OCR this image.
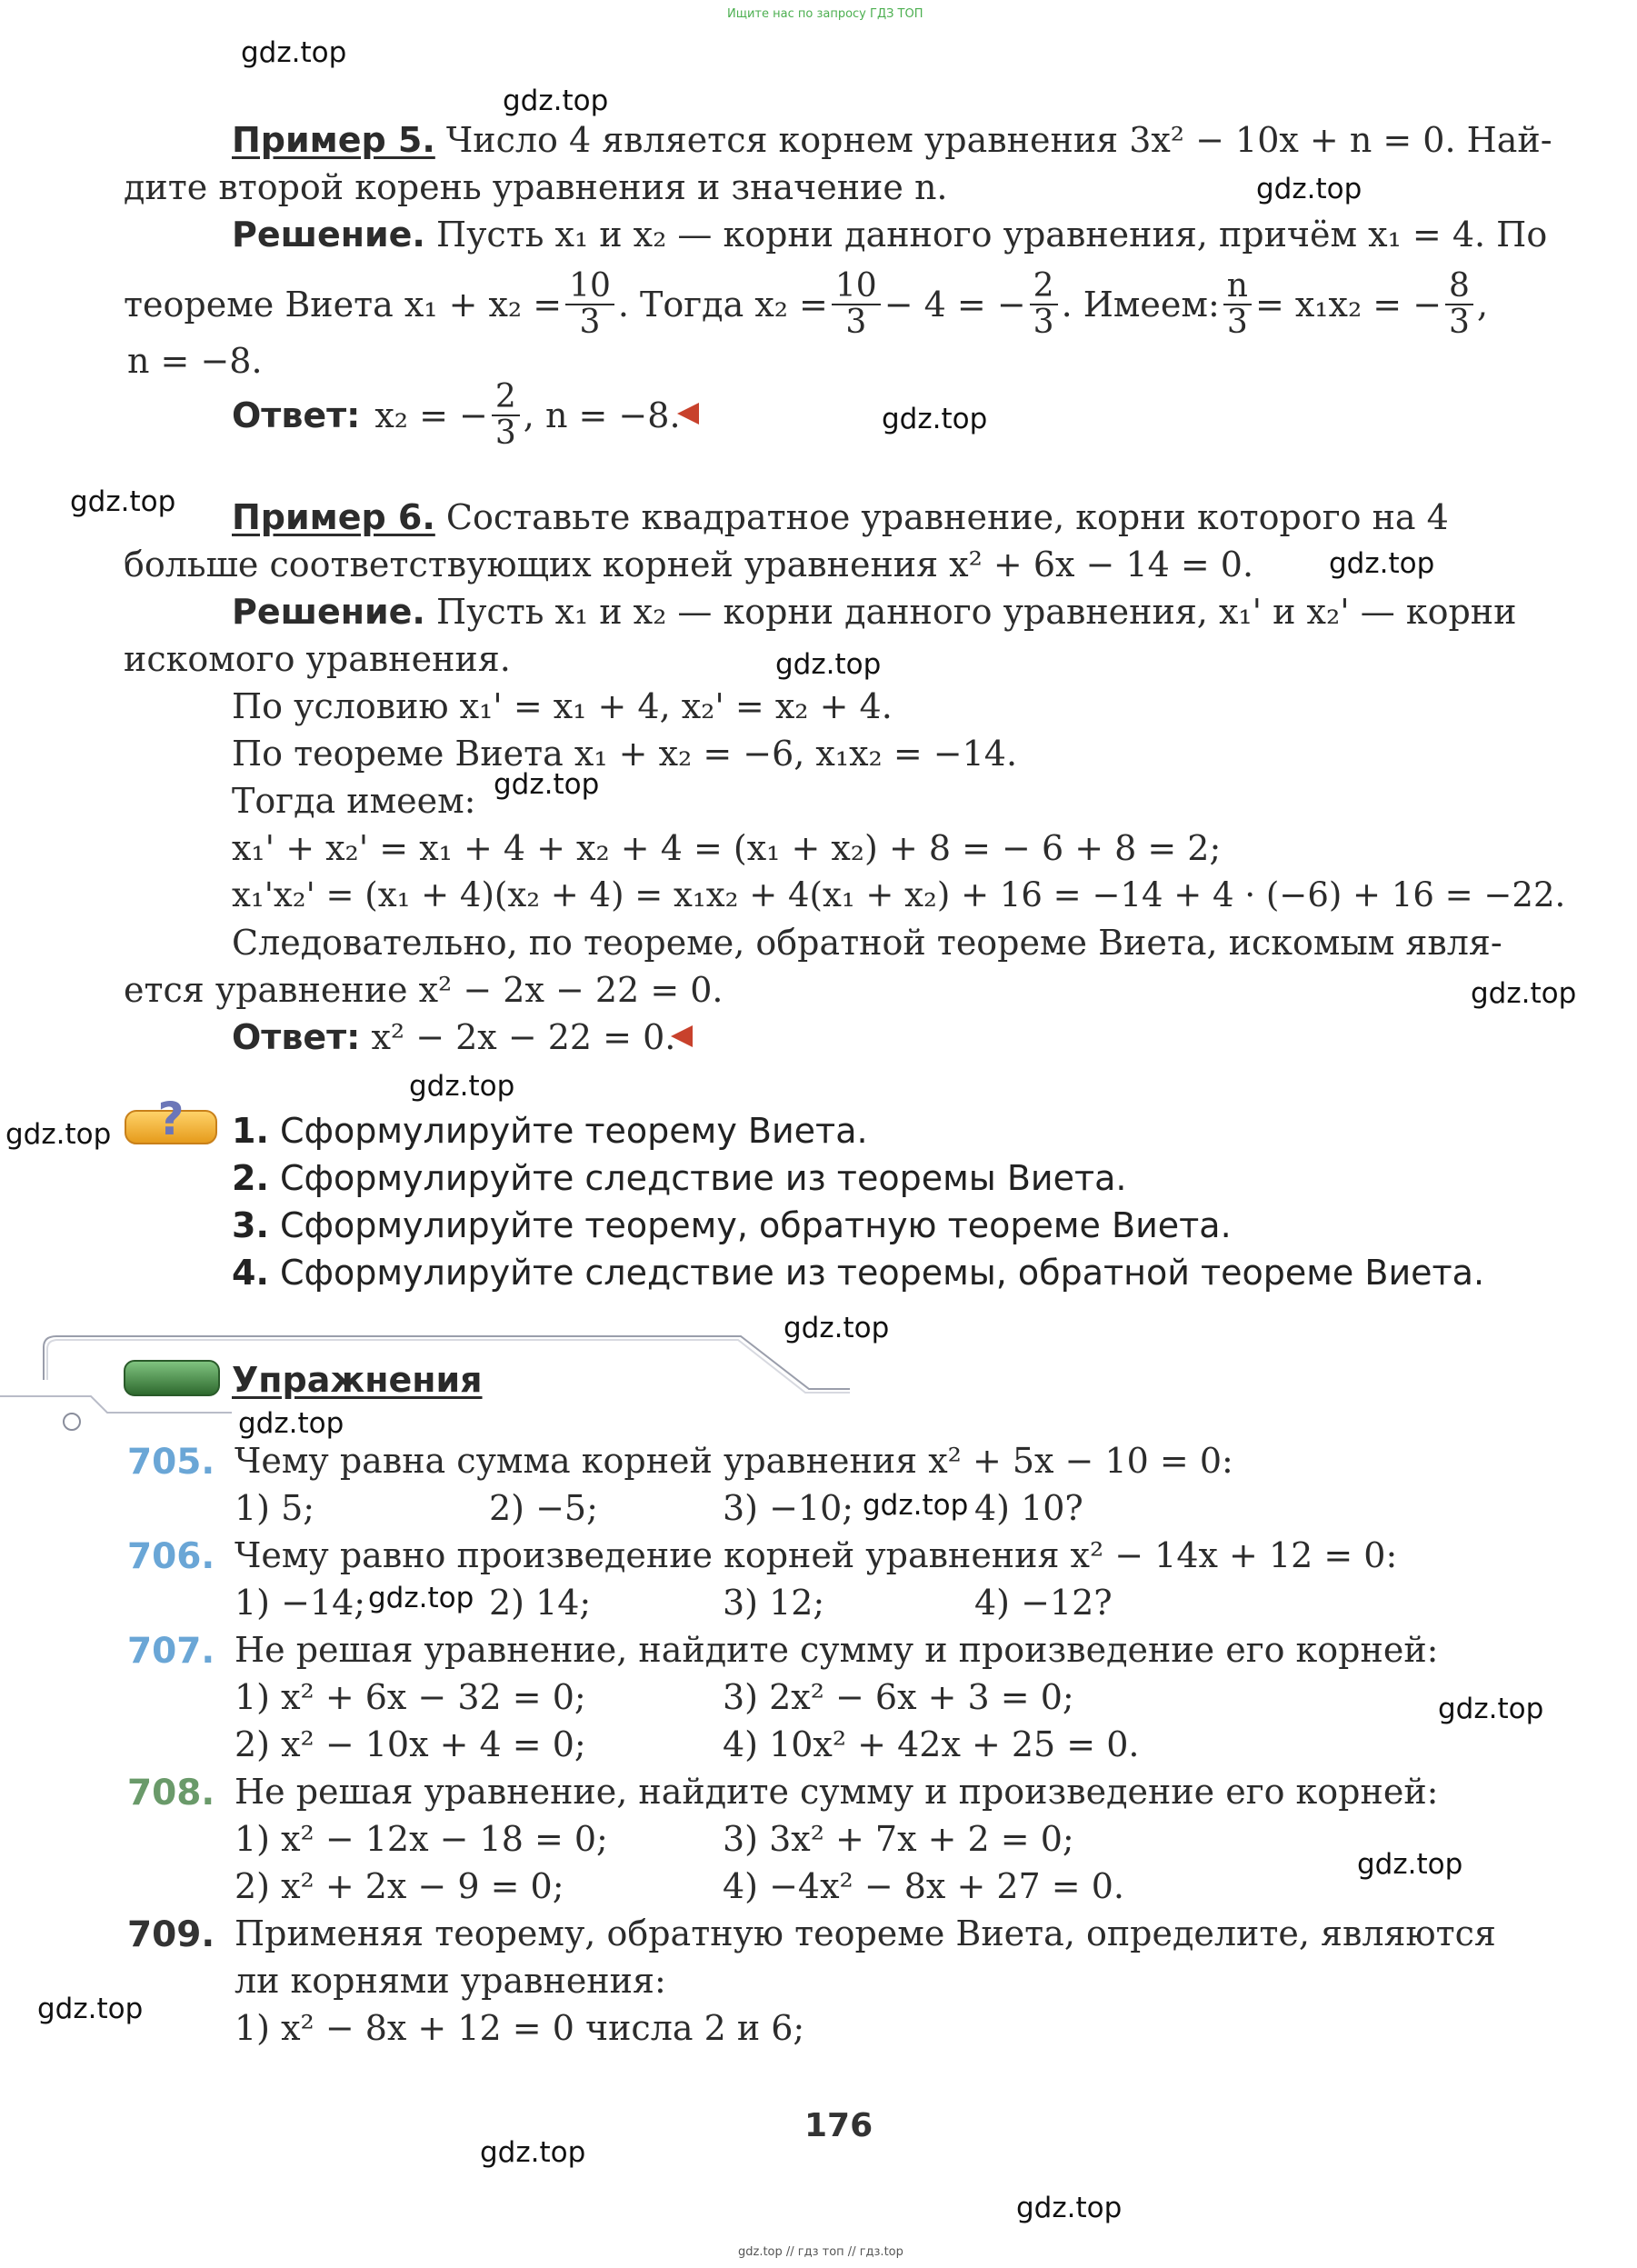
Ищите нас по запросу ГДЗ ТОП
Пример 5. Число 4 является корнем уравнения 3x² − 10x + n = 0. Най-
дите второй корень уравнения и значение n.
Решение. Пусть x₁ и x₂ — корни данного уравнения, причём x₁ = 4. По
теореме Виета $x_1 + x_2 = \frac{10}{3}$ . Тогда $x_2 = \frac{10}{3} - 4$ = − $\frac{2}{3}$ . Имеем: $\frac{n}{3} = x_1x_2$ = − $\frac{8}{3}$ ,
n = −8.
Ответ: x₂ = − $\frac{2}{3}$ , n = −8.
Пример 6. Составьте квадратное уравнение, корни которого на 4
больше соответствующих корней уравнения x² + 6x − 14 = 0.
Решение. Пусть x₁ и x₂ — корни данного уравнения, x₁' и x₂' — корни
искомого уравнения.
По условию x₁' = x₁ + 4, x₂' = x₂ + 4.
По теореме Виета x₁ + x₂ = −6, x₁x₂ = −14.
Тогда имеем:
x₁' + x₂' = x₁ + 4 + x₂ + 4 = (x₁ + x₂) + 8 = − 6 + 8 = 2;
x₁'x₂' = (x₁ + 4)(x₂ + 4) = x₁x₂ + 4(x₁ + x₂) + 16 = −14 + 4 · (−6) + 16 = −22.
Следовательно, по теореме, обратной теореме Виета, искомым явля-
ется уравнение x² − 2x − 22 = 0.
Ответ: x² − 2x − 22 = 0.
? 1. Сформулируйте теорему Виета.
2. Сформулируйте следствие из теоремы Виета.
3. Сформулируйте теорему, обратную теореме Виета.
4. Сформулируйте следствие из теоремы, обратной теореме Виета.
Упражнения
705. Чему равна сумма корней уравнения x² + 5x − 10 = 0:
1) 5;	2) −5;	3) −10;	4) 10?
706. Чему равно произведение корней уравнения x² − 14x + 12 = 0:
1) −14;	2) 14;	3) 12;	4) −12?
707. Не решая уравнение, найдите сумму и произведение его корней:
1) x² + 6x − 32 = 0;	3) 2x² − 6x + 3 = 0;
2) x² − 10x + 4 = 0;	4) 10x² + 42x + 25 = 0.
708. Не решая уравнение, найдите сумму и произведение его корней:
1) x² − 12x − 18 = 0;	3) 3x² + 7x + 2 = 0;
2) x² + 2x − 9 = 0;	4) −4x² − 8x + 27 = 0.
709. Применяя теорему, обратную теореме Виета, определите, являются
ли корнями уравнения:
1) x² − 8x + 12 = 0 числа 2 и 6;
176
gdz.top // гдз топ // гдз.top
gdz.top
gdz.top
gdz.top
gdz.top
gdz.top
gdz.top
gdz.top
gdz.top
gdz.top
gdz.top
gdz.top
gdz.top
gdz.top
gdz.top
gdz.top
gdz.top
gdz.top
gdz.top
gdz.top
gdz.top
